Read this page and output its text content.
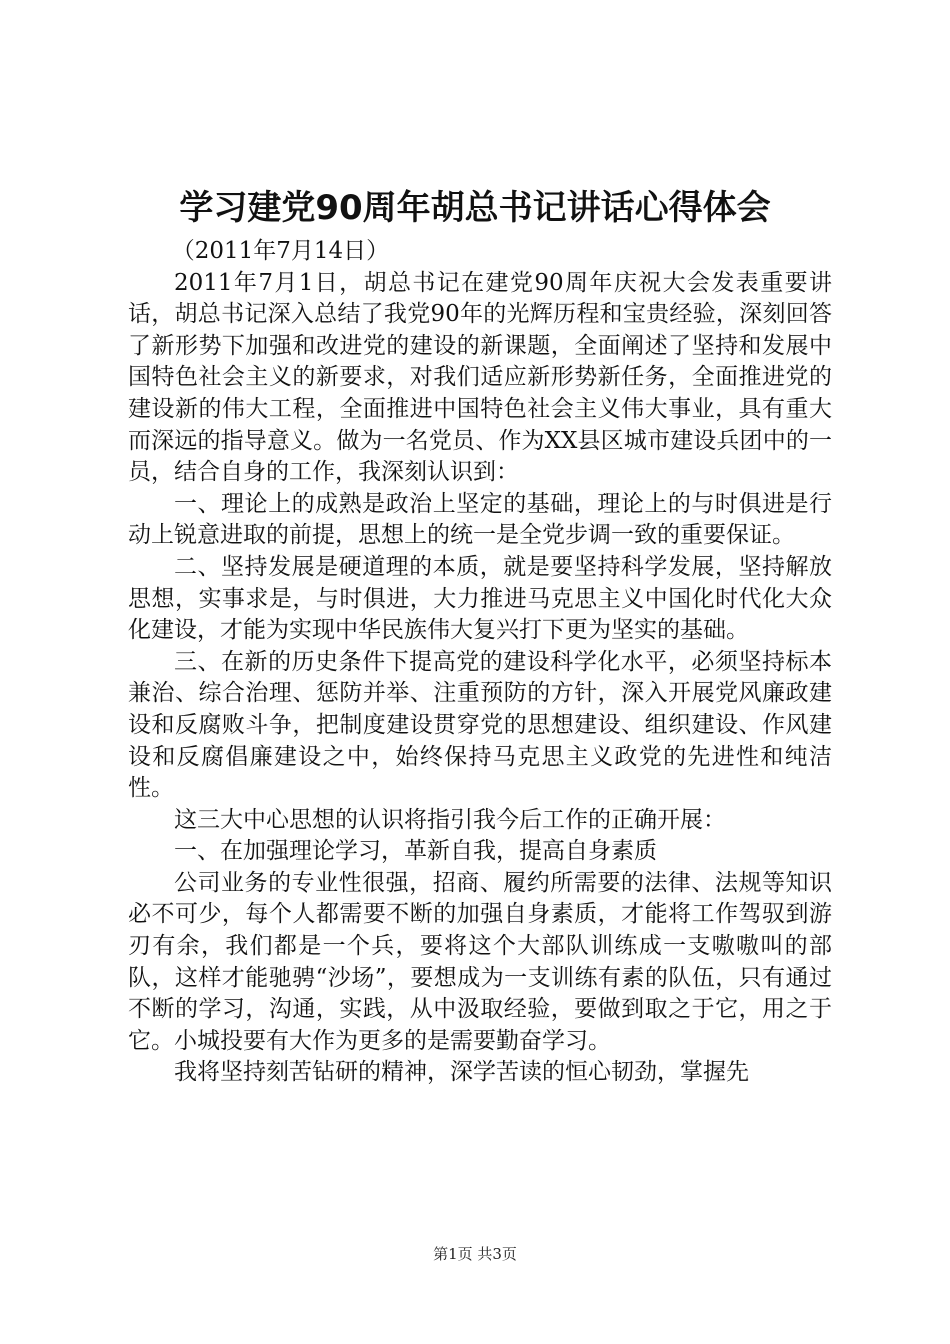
学习建党90周年胡总书记讲话心得体会

（2011年7月14日）

2011年7月1日，胡总书记在建党90周年庆祝大会发表重要讲话，胡总书记深入总结了我党90年的光辉历程和宝贵经验，深刻回答了新形势下加强和改进党的建设的新课题，全面阐述了坚持和发展中国特色社会主义的新要求，对我们适应新形势新任务，全面推进党的建设新的伟大工程，全面推进中国特色社会主义伟大事业，具有重大而深远的指导意义。做为一名党员、作为XX县区城市建设兵团中的一员，结合自身的工作，我深刻认识到：

一、理论上的成熟是政治上坚定的基础，理论上的与时俱进是行动上锐意进取的前提，思想上的统一是全党步调一致的重要保证。

二、坚持发展是硬道理的本质，就是要坚持科学发展，坚持解放思想，实事求是，与时俱进，大力推进马克思主义中国化时代化大众化建设，才能为实现中华民族伟大复兴打下更为坚实的基础。

三、在新的历史条件下提高党的建设科学化水平，必须坚持标本兼治、综合治理、惩防并举、注重预防的方针，深入开展党风廉政建设和反腐败斗争，把制度建设贯穿党的思想建设、组织建设、作风建设和反腐倡廉建设之中，始终保持马克思主义政党的先进性和纯洁性。

这三大中心思想的认识将指引我今后工作的正确开展：

一、在加强理论学习，革新自我，提高自身素质

公司业务的专业性很强，招商、履约所需要的法律、法规等知识必不可少，每个人都需要不断的加强自身素质，才能将工作驾驭到游刃有余，我们都是一个兵，要将这个大部队训练成一支嗷嗷叫的部队，这样才能驰骋“沙场”，要想成为一支训练有素的队伍，只有通过不断的学习，沟通，实践，从中汲取经验，要做到取之于它，用之于它。小城投要有大作为更多的是需要勤奋学习。

我将坚持刻苦钻研的精神，深学苦读的恒心韧劲，掌握先

第1页 共3页
